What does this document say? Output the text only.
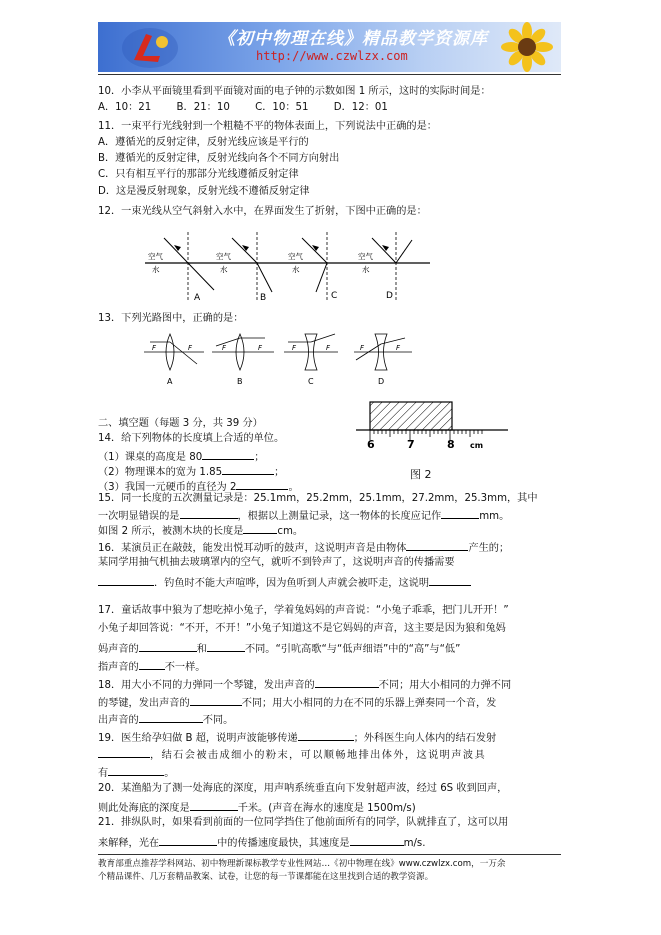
《初中物理在线》精品教学资源库
http://www.czwlzx.com
10．小李从平面镜里看到平面镜对面的电子钟的示数如图 1 所示，这时的实际时间是：
A．10：21 B．21：10 C．10：51 D．12：01
11．一束平行光线射到一个粗糙不平的物体表面上，下列说法中正确的是：
A．遵循光的反射定律，反射光线应该是平行的
B．遵循光的反射定律，反射光线向各个不同方向射出
C．只有相互平行的那部分光线遵循反射定律
D．这是漫反射现象，反射光线不遵循反射定律
12．一束光线从空气斜射入水中，在界面发生了折射，下图中正确的是：
空气
水
空气
水
空气
水
空气
水
A	B	C	D
13．下列光路图中，正确的是：
F	F	F	F	F	F	F	F
A	B	C	D
二、填空题（每题 3 分，共 39 分）
14．给下列物体的长度填上合适的单位。
（1）课桌的高度是 80	；
（2）物理课本的宽为 1.85	；
（3）我国一元硬币的直径为 2	。
6	7	8 cm
图 2
15．同一长度的五次测量记录是：25.1mm，25.2mm，25.1mm，27.2mm，25.3mm，其中
一次明显错误的是	，根据以上测量记录，这一物体的长度应记作	mm。
如图 2 所示，被测木块的长度是	cm。
16．某演员正在敲鼓，能发出悦耳动听的鼓声，这说明声音是由物体	产生的；
某同学用抽气机抽去玻璃罩内的空气，就听不到铃声了，这说明声音的传播需要
．钓鱼时不能大声喧哗，因为鱼听到人声就会被吓走，这说明
17．童话故事中狼为了想吃掉小兔子，学着兔妈妈的声音说：“小兔子乖乖，把门儿开开！”
小兔子却回答说：“不开，不开！”小兔子知道这不是它妈妈的声音，这主要是因为狼和兔妈
妈声音的	和	不同。“引吭高歌“与“低声细语”中的“高”与“低”
指声音的	不一样。
18．用大小不同的力弹同一个琴键，发出声音的	不同；用大小相同的力弹不同
的琴键，发出声音的	不同；用大小相同的力在不同的乐器上弹奏同一个音，发
出声音的	不同。
19．医生给孕妇做 B 超，说明声波能够传递	；外科医生向人体内的结石发射
，结石会被击成细小的粉末，可以顺畅地排出体外，这说明声波具
有	。
20．某渔船为了测一处海底的深度，用声呐系统垂直向下发射超声波，经过 6S 收到回声，
则此处海底的深度是	千米。(声音在海水的速度是 1500m/s)
21．排纵队时，如果看到前面的一位同学挡住了他前面所有的同学，队就排直了，这可以用
来解释，光在	中的传播速度最快，其速度是	m/s.
教育部重点推荐学科网站、初中物理新课标教学专业性网站…《初中物理在线》www.czwlzx.com，一万余
个精品课件、几万套精品教案、试卷，让您的每一节课都能在这里找到合适的教学资源。
